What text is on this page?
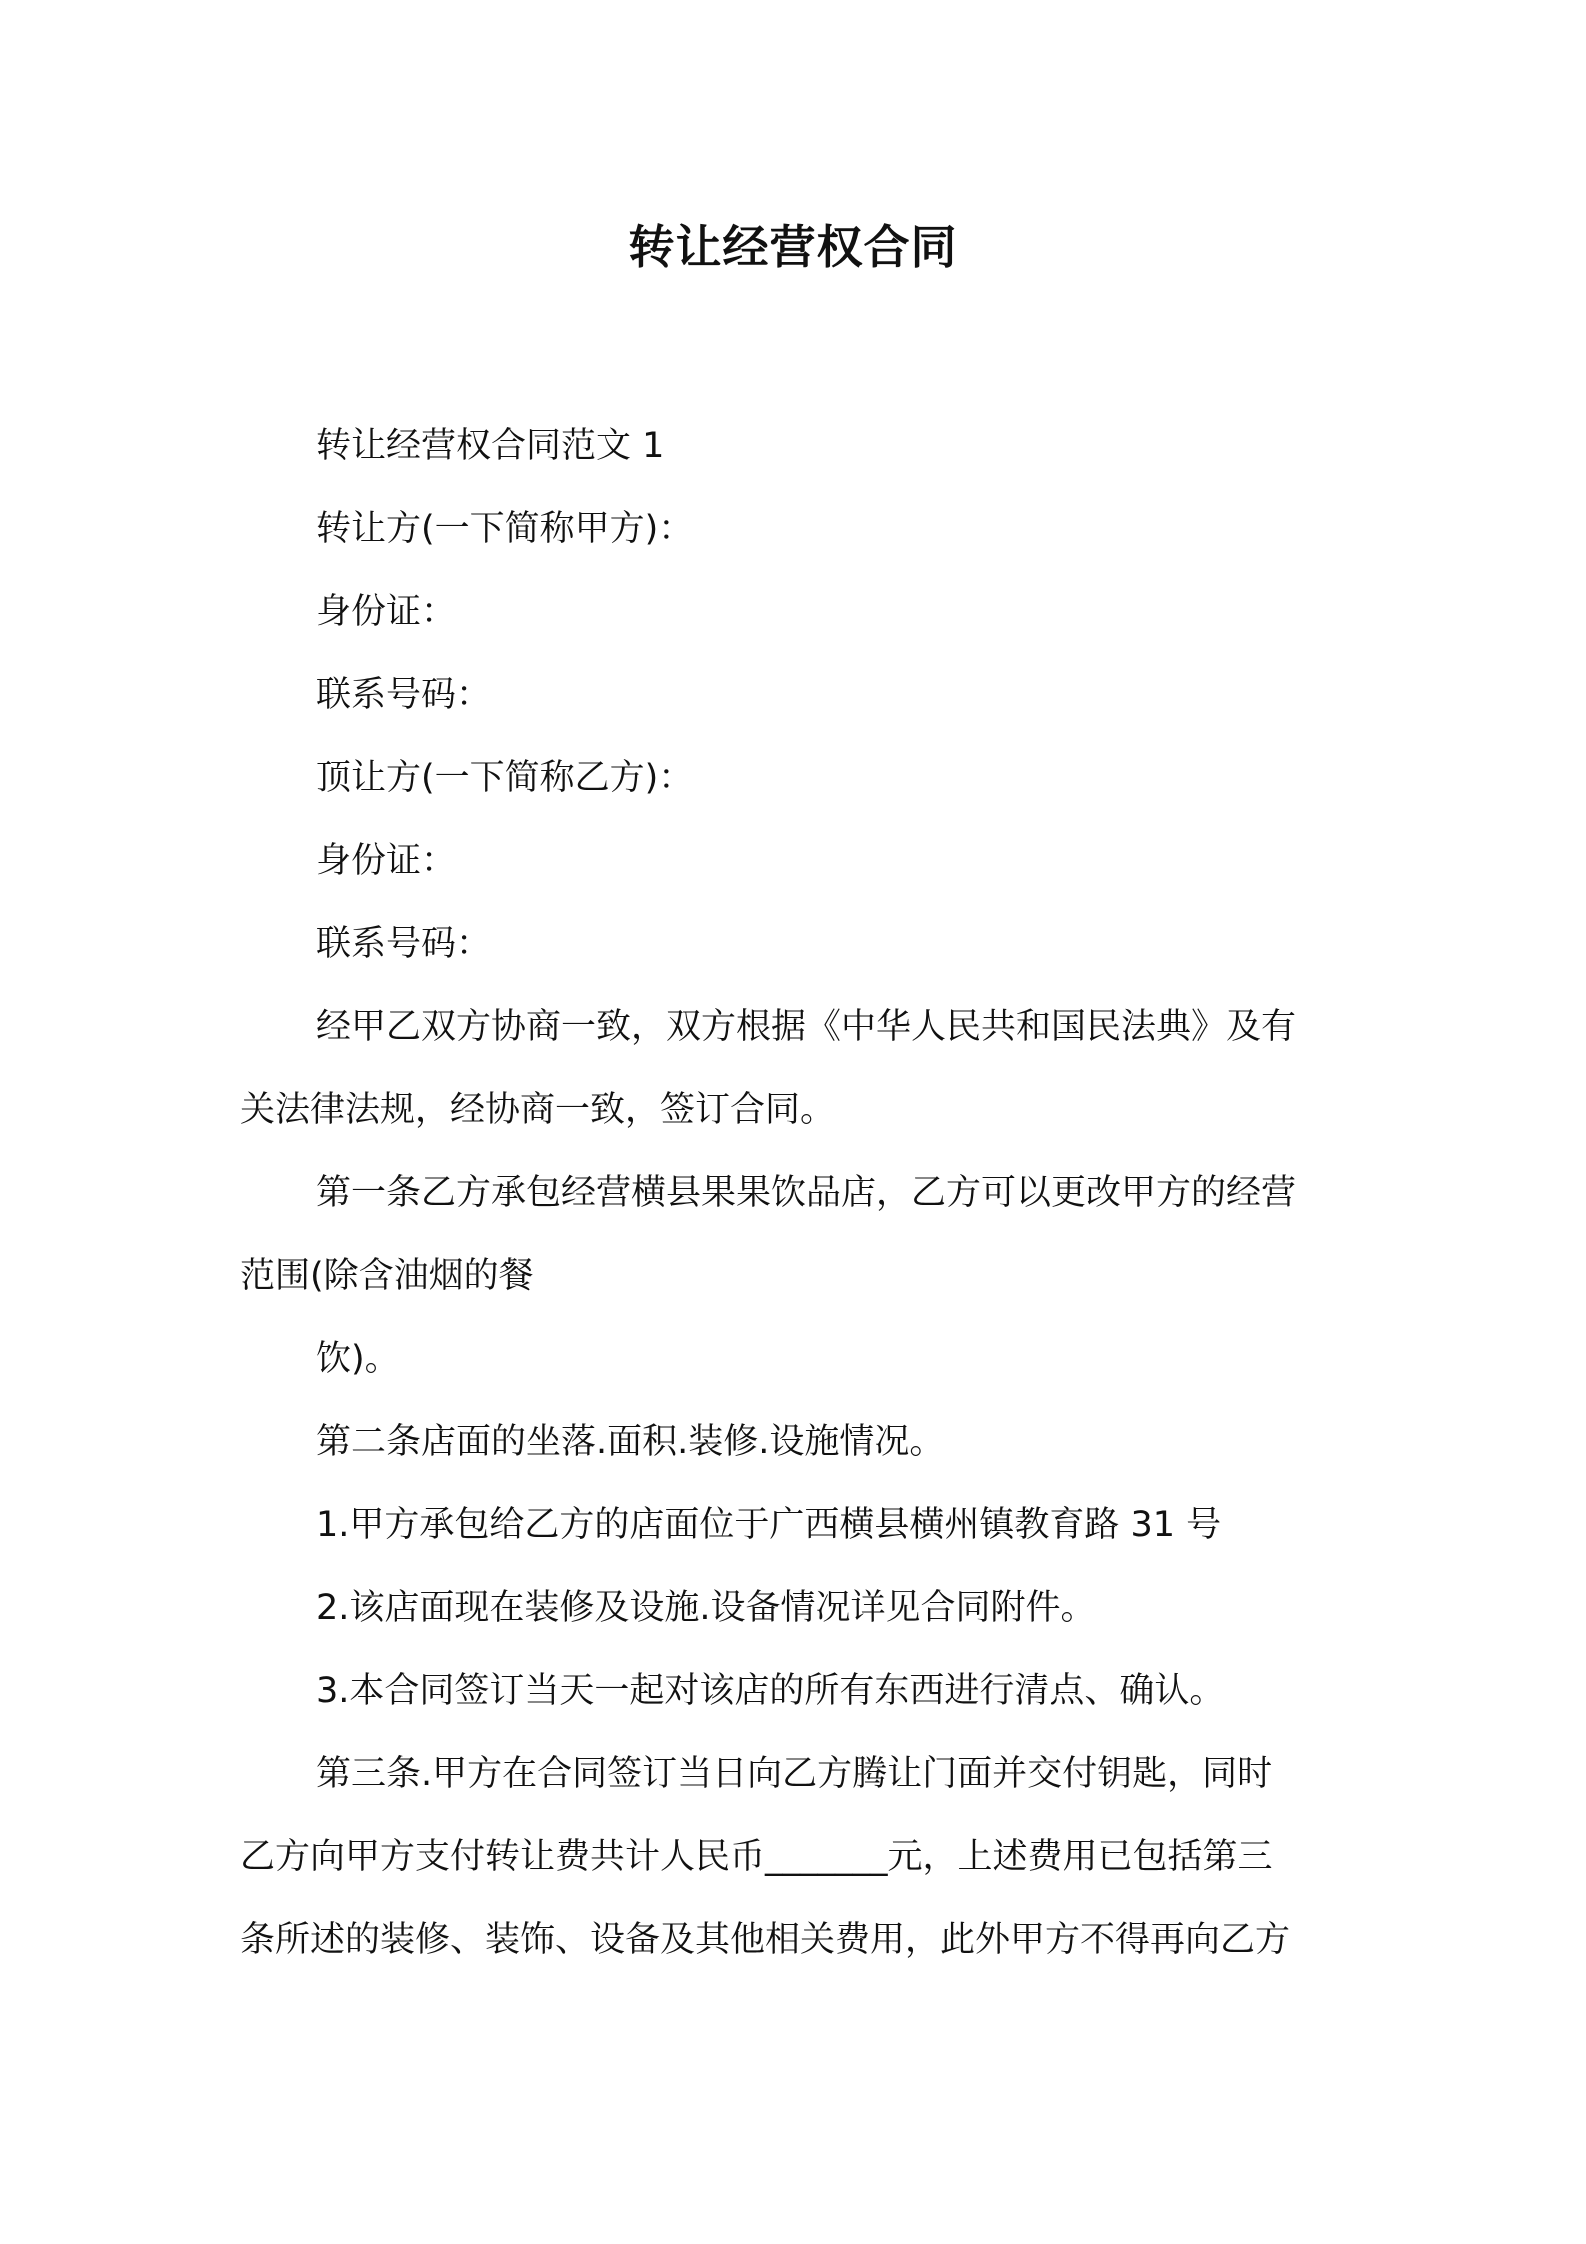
转让经营权合同

转让经营权合同范文 1

转让方(一下简称甲方)：

身份证：

联系号码：

顶让方(一下简称乙方)：

身份证：

联系号码：

经甲乙双方协商一致，双方根据《中华人民共和国民法典》及有

关法律法规，经协商一致，签订合同。

第一条乙方承包经营横县果果饮品店，乙方可以更改甲方的经营

范围(除含油烟的餐

饮)。

第二条店面的坐落.面积.装修.设施情况。

1.甲方承包给乙方的店面位于广西横县横州镇教育路 31 号

2.该店面现在装修及设施.设备情况详见合同附件。

3.本合同签订当天一起对该店的所有东西进行清点、确认。

第三条.甲方在合同签订当日向乙方腾让门面并交付钥匙，同时

乙方向甲方支付转让费共计人民币_______元，上述费用已包括第三

条所述的装修、装饰、设备及其他相关费用，此外甲方不得再向乙方
